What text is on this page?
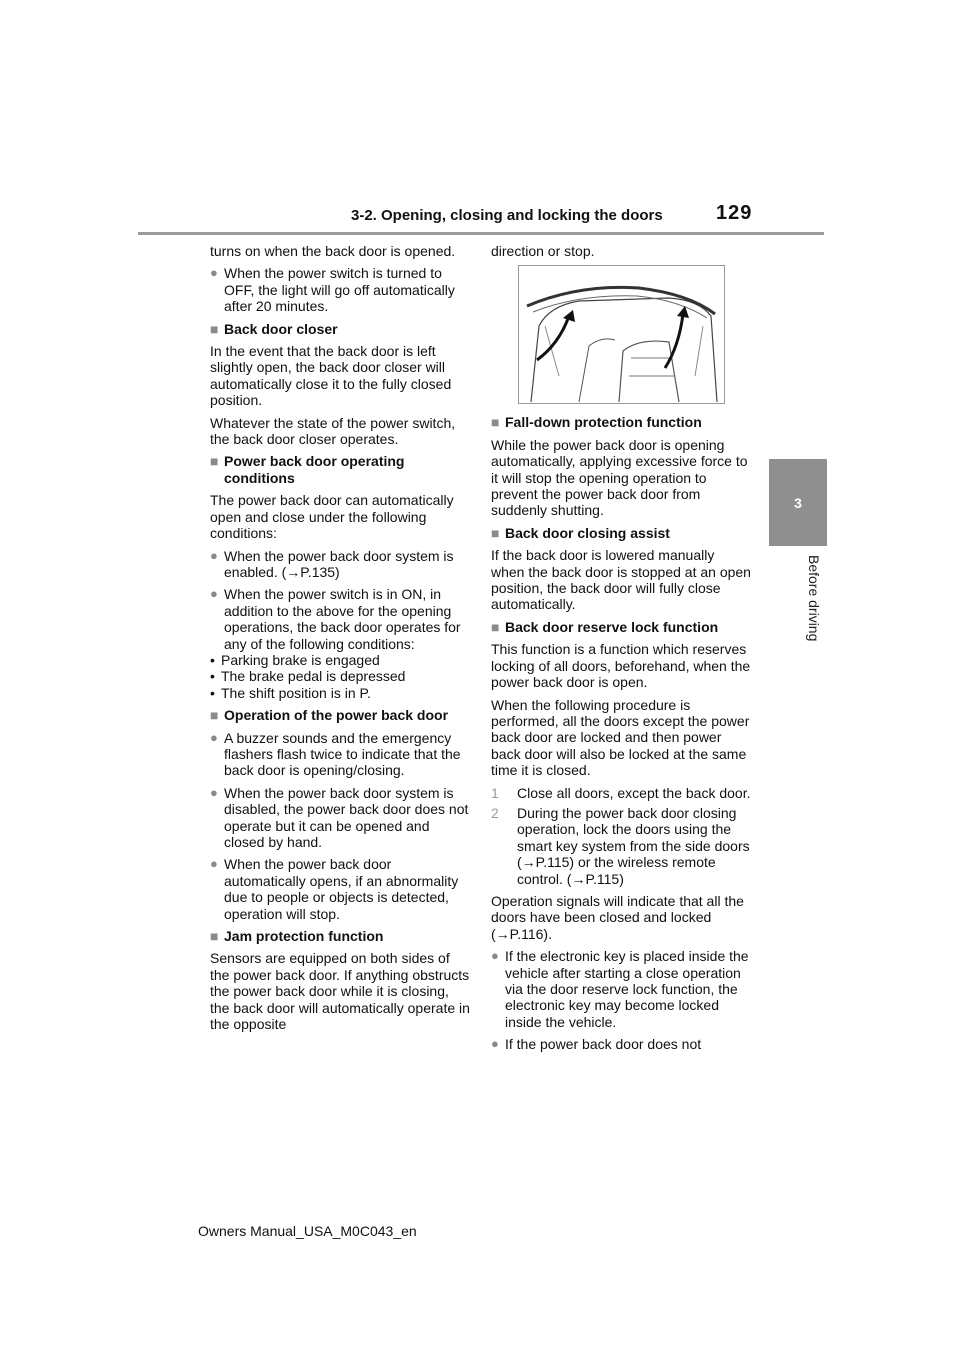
3-2. Opening, closing and locking the doors	129
3
Before driving

turns on when the back door is opened.

● When the power switch is turned to OFF, the light will go off automatically after 20 minutes.
■ Back door closer

In the event that the back door is left slightly open, the back door closer will automatically close it to the fully closed position.

Whatever the state of the power switch, the back door closer operates.

■ Power back door operating conditions

The power back door can automatically open and close under the following conditions:

● When the power back door system is enabled. (→P.135)
● When the power switch is in ON, in addition to the above for the opening operations, the back door operates for any of the following conditions:
• Parking brake is engaged
• The brake pedal is depressed
• The shift position is in P.
■ Operation of the power back door
● A buzzer sounds and the emergency flashers flash twice to indicate that the back door is opening/closing.
● When the power back door system is disabled, the power back door does not operate but it can be opened and closed by hand.
● When the power back door automatically opens, if an abnormality due to people or objects is detected, operation will stop.
■ Jam protection function

Sensors are equipped on both sides of the power back door. If anything obstructs the power back door while it is closing, the back door will automatically operate in the opposite

direction or stop.

■ Fall-down protection function

While the power back door is opening automatically, applying excessive force to it will stop the opening operation to prevent the power back door from suddenly shutting.

■ Back door closing assist

If the back door is lowered manually when the back door is stopped at an open position, the back door will fully close automatically.

■ Back door reserve lock function

This function is a function which reserves locking of all doors, beforehand, when the power back door is open.

When the following procedure is performed, all the doors except the power back door are locked and then power back door will also be locked at the same time it is closed.

1 Close all doors, except the back door.
2 During the power back door closing operation, lock the doors using the smart key system from the side doors (→P.115) or the wireless remote control. (→P.115)

Operation signals will indicate that all the doors have been closed and locked (→P.116).

● If the electronic key is placed inside the vehicle after starting a close operation via the door reserve lock function, the electronic key may become locked inside the vehicle.
● If the power back door does not
Owners Manual_USA_M0C043_en
